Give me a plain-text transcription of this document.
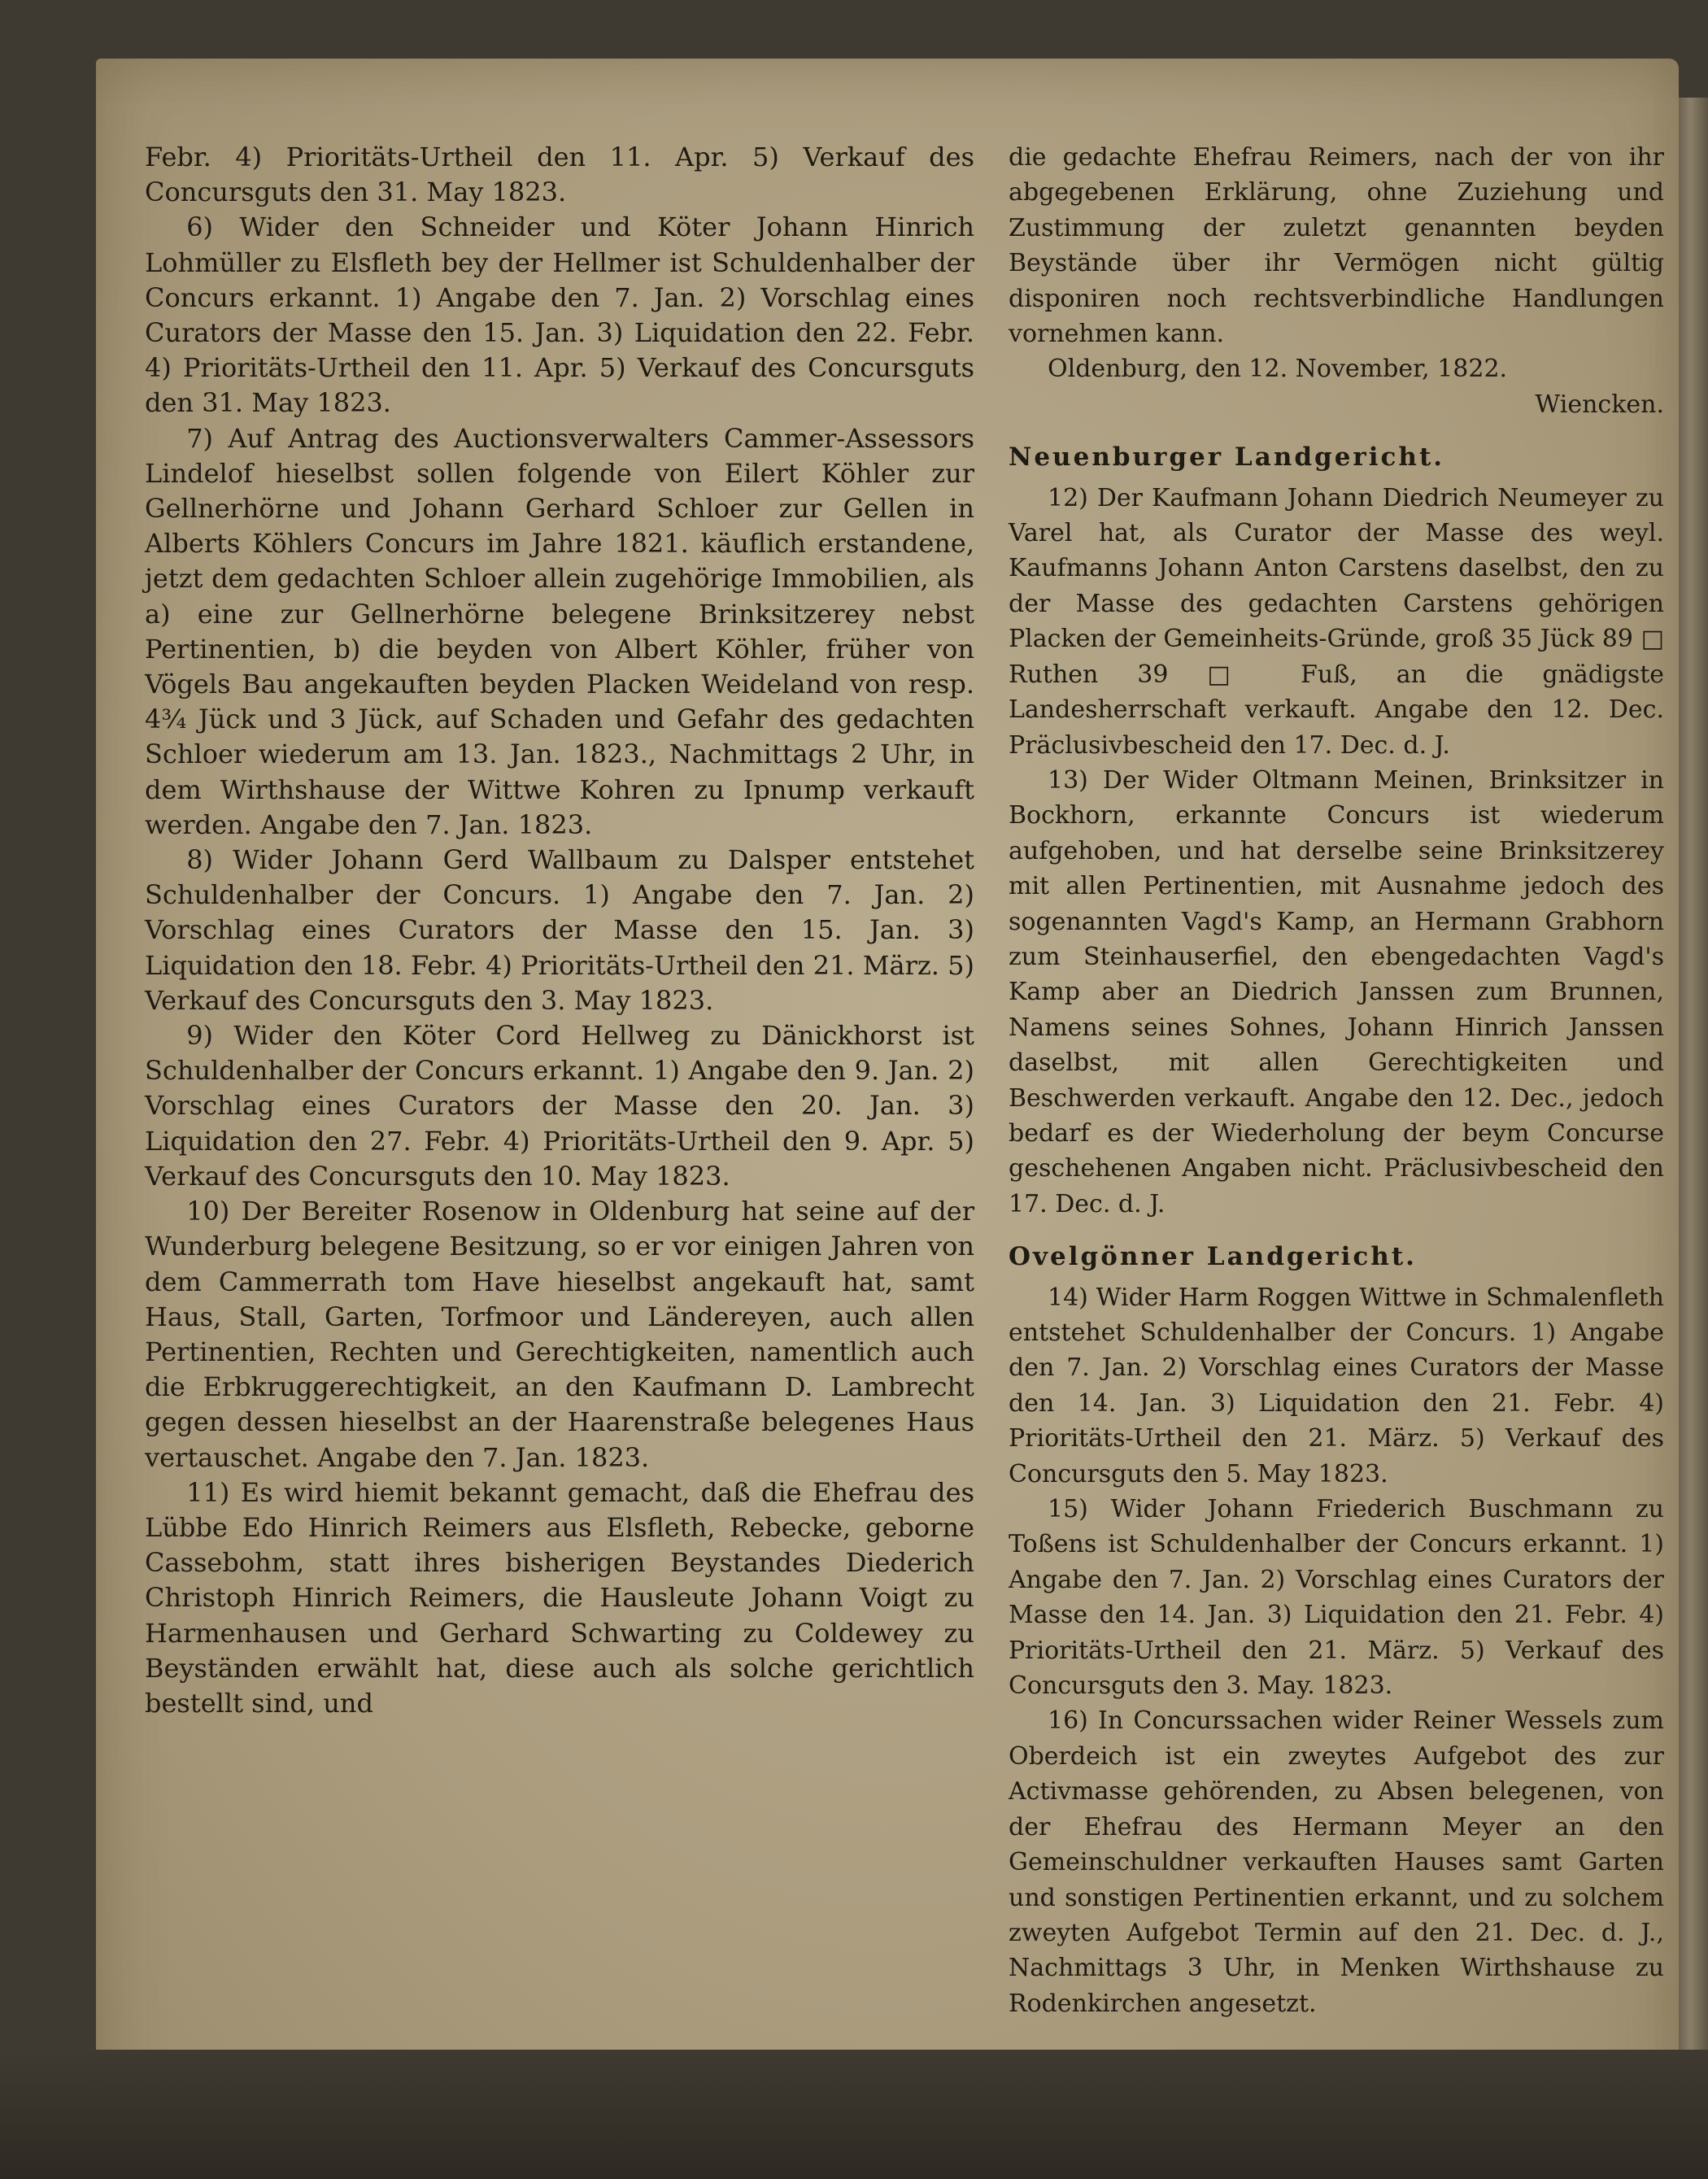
Febr. 4) Prioritäts-Urtheil den 11. Apr. 5) Verkauf des Concursguts den 31. May 1823.

6) Wider den Schneider und Köter Johann Hinrich Lohmüller zu Elsfleth bey der Hellmer ist Schuldenhalber der Concurs erkannt. 1) Angabe den 7. Jan. 2) Vorschlag eines Curators der Masse den 15. Jan. 3) Liquidation den 22. Febr. 4) Prioritäts-Urtheil den 11. Apr. 5) Verkauf des Concursguts den 31. May 1823.

7) Auf Antrag des Auctionsverwalters Cammer-Assessors Lindelof hieselbst sollen folgende von Eilert Köhler zur Gellnerhörne und Johann Gerhard Schloer zur Gellen in Alberts Köhlers Concurs im Jahre 1821. käuflich erstandene, jetzt dem gedachten Schloer allein zugehörige Immobilien, als a) eine zur Gellnerhörne belegene Brinksitzerey nebst Pertinentien, b) die beyden von Albert Köhler, früher von Vögels Bau angekauften beyden Placken Weideland von resp. 4¾ Jück und 3 Jück, auf Schaden und Gefahr des gedachten Schloer wiederum am 13. Jan. 1823., Nachmittags 2 Uhr, in dem Wirthshause der Wittwe Kohren zu Ipnump verkauft werden. Angabe den 7. Jan. 1823.

8) Wider Johann Gerd Wallbaum zu Dalsper entstehet Schuldenhalber der Concurs. 1) Angabe den 7. Jan. 2) Vorschlag eines Curators der Masse den 15. Jan. 3) Liquidation den 18. Febr. 4) Prioritäts-Urtheil den 21. März. 5) Verkauf des Concursguts den 3. May 1823.

9) Wider den Köter Cord Hellweg zu Dänickhorst ist Schuldenhalber der Concurs erkannt. 1) Angabe den 9. Jan. 2) Vorschlag eines Curators der Masse den 20. Jan. 3) Liquidation den 27. Febr. 4) Prioritäts-Urtheil den 9. Apr. 5) Verkauf des Concursguts den 10. May 1823.

10) Der Bereiter Rosenow in Oldenburg hat seine auf der Wunderburg belegene Besitzung, so er vor einigen Jahren von dem Cammerrath tom Have hieselbst angekauft hat, samt Haus, Stall, Garten, Torfmoor und Ländereyen, auch allen Pertinentien, Rechten und Gerechtigkeiten, namentlich auch die Erbkruggerechtigkeit, an den Kaufmann D. Lambrecht gegen dessen hieselbst an der Haarenstraße belegenes Haus vertauschet. Angabe den 7. Jan. 1823.

11) Es wird hiemit bekannt gemacht, daß die Ehefrau des Lübbe Edo Hinrich Reimers aus Elsfleth, Rebecke, geborne Cassebohm, statt ihres bisherigen Beystandes Diederich Christoph Hinrich Reimers, die Hausleute Johann Voigt zu Harmenhausen und Gerhard Schwarting zu Coldewey zu Beyständen erwählt hat, diese auch als solche gerichtlich bestellt sind, und

die gedachte Ehefrau Reimers, nach der von ihr abgegebenen Erklärung, ohne Zuziehung und Zustimmung der zuletzt genannten beyden Beystände über ihr Vermögen nicht gültig disponiren noch rechtsverbindliche Handlungen vornehmen kann.

Oldenburg, den 12. November, 1822.

Wiencken.

Neuenburger Landgericht.

12) Der Kaufmann Johann Diedrich Neumeyer zu Varel hat, als Curator der Masse des weyl. Kaufmanns Johann Anton Carstens daselbst, den zu der Masse des gedachten Carstens gehörigen Placken der Gemeinheits-Gründe, groß 35 Jück 89 □ Ruthen 39 □ Fuß, an die gnädigste Landesherrschaft verkauft. Angabe den 12. Dec. Präclusivbescheid den 17. Dec. d. J.

13) Der Wider Oltmann Meinen, Brinksitzer in Bockhorn, erkannte Concurs ist wiederum aufgehoben, und hat derselbe seine Brinksitzerey mit allen Pertinentien, mit Ausnahme jedoch des sogenannten Vagd's Kamp, an Hermann Grabhorn zum Steinhauserfiel, den ebengedachten Vagd's Kamp aber an Diedrich Janssen zum Brunnen, Namens seines Sohnes, Johann Hinrich Janssen daselbst, mit allen Gerechtigkeiten und Beschwerden verkauft. Angabe den 12. Dec., jedoch bedarf es der Wiederholung der beym Concurse geschehenen Angaben nicht. Präclusivbescheid den 17. Dec. d. J.

Ovelgönner Landgericht.

14) Wider Harm Roggen Wittwe in Schmalenfleth entstehet Schuldenhalber der Concurs. 1) Angabe den 7. Jan. 2) Vorschlag eines Curators der Masse den 14. Jan. 3) Liquidation den 21. Febr. 4) Prioritäts-Urtheil den 21. März. 5) Verkauf des Concursguts den 5. May 1823.

15) Wider Johann Friederich Buschmann zu Toßens ist Schuldenhalber der Concurs erkannt. 1) Angabe den 7. Jan. 2) Vorschlag eines Curators der Masse den 14. Jan. 3) Liquidation den 21. Febr. 4) Prioritäts-Urtheil den 21. März. 5) Verkauf des Concursguts den 3. May. 1823.

16) In Concurssachen wider Reiner Wessels zum Oberdeich ist ein zweytes Aufgebot des zur Activmasse gehörenden, zu Absen belegenen, von der Ehefrau des Hermann Meyer an den Gemeinschuldner verkauften Hauses samt Garten und sonstigen Pertinentien erkannt, und zu solchem zweyten Aufgebot Termin auf den 21. Dec. d. J., Nachmittags 3 Uhr, in Menken Wirthshause zu Rodenkirchen angesetzt.
